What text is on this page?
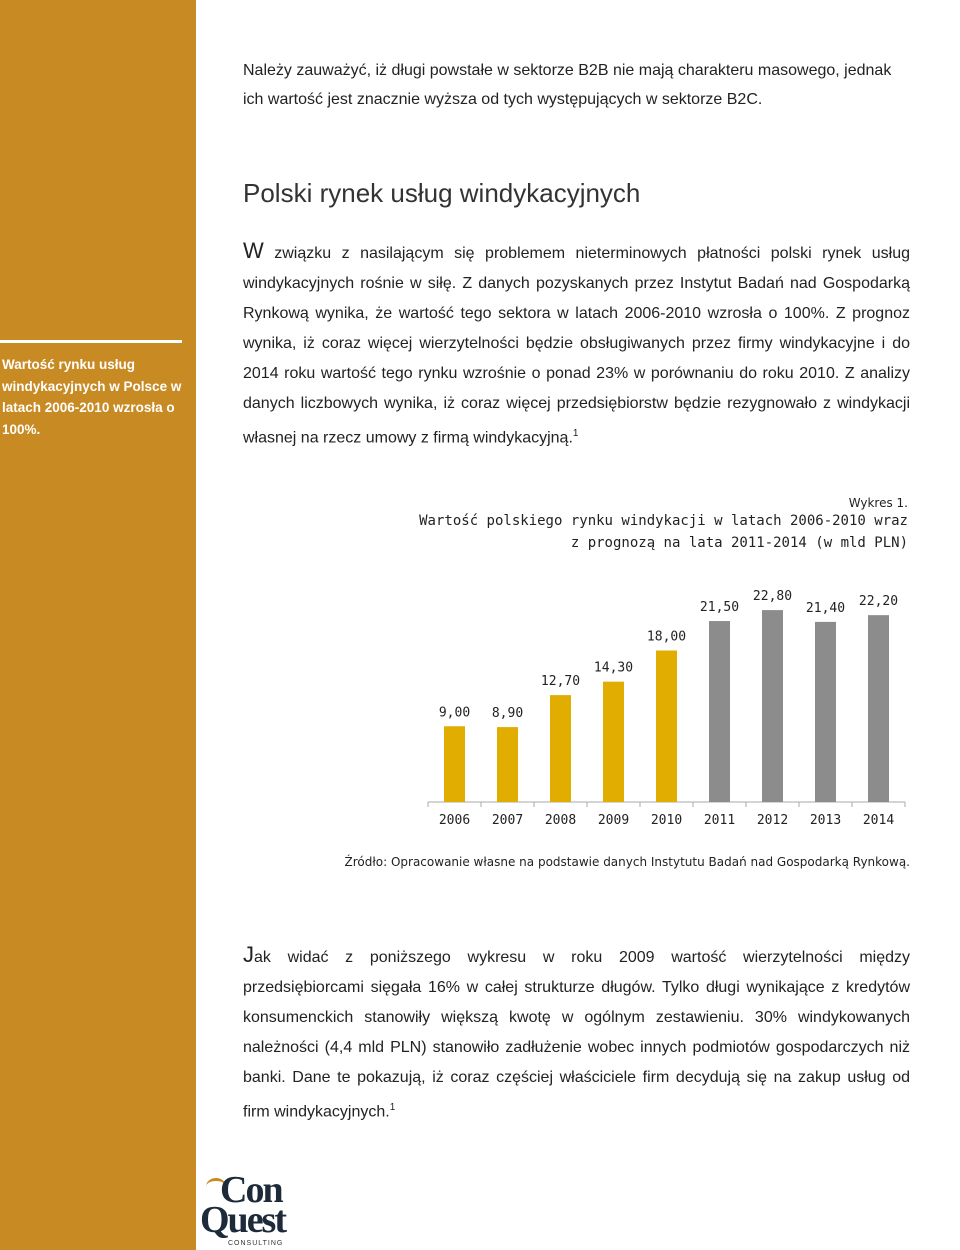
Wartość rynku usług windykacyjnych w Polsce w latach 2006-2010 wzrosła o 100%.
Należy zauważyć, iż długi powstałe w sektorze B2B nie mają charakteru masowego, jednak ich wartość jest znacznie wyższa od tych występujących w sektorze B2C.
Polski rynek usług windykacyjnych
W związku z nasilającym się problemem nieterminowych płatności polski rynek usług windykacyjnych rośnie w siłę. Z danych pozyskanych przez Instytut Badań nad Gospodarką Rynkową wynika, że wartość tego sektora w latach 2006-2010 wzrosła o 100%. Z prognoz wynika, iż coraz więcej wierzytelności będzie obsługiwanych przez firmy windykacyjne i do 2014 roku wartość tego rynku wzrośnie o ponad 23% w porównaniu do roku 2010. Z analizy danych liczbowych wynika, iż coraz więcej przedsiębiorstw będzie rezygnowało z windykacji własnej na rzecz umowy z firmą windykacyjną.$^1$
Wykres 1.
Wartość polskiego rynku windykacji w latach 2006-2010 wraz
z prognozą na lata 2011-2014 (w mld PLN)
9,00
2006
8,90
2007
12,70
2008
14,30
2009
18,00
2010
21,50
2011
22,80
2012
21,40
2013
22,20
2014
Źródło: Opracowanie własne na podstawie danych Instytutu Badań nad Gospodarką Rynkową.
Jak widać z poniższego wykresu w roku 2009 wartość wierzytelności między przedsiębiorcami sięgała 16% w całej strukturze długów. Tylko długi wynikające z kredytów konsumenckich stanowiły większą kwotę w ogólnym zestawieniu. 30% windykowanych należności (4,4 mld PLN) stanowiło zadłużenie wobec innych podmiotów gospodarczych niż banki. Dane te pokazują, iż coraz częściej właściciele firm decydują się na zakup usług od firm windykacyjnych.$^1$
Con
Quest
CONSULTING
